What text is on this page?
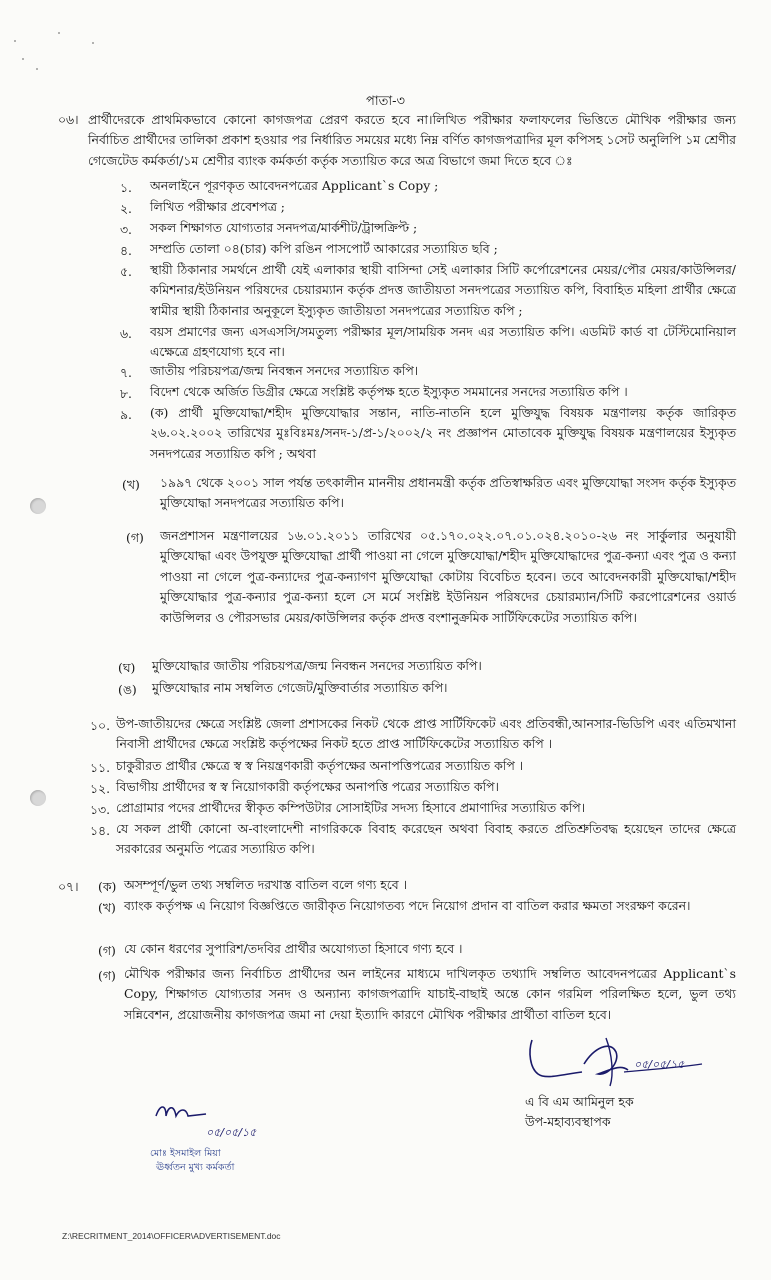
পাতা-৩
০৬। প্রার্থীদেরকে প্রাথমিকভাবে কোনো কাগজপত্র প্রেরণ করতে হবে না।লিখিত পরীক্ষার ফলাফলের ভিত্তিতে মৌখিক পরীক্ষার জন্য নির্বাচিত প্রার্থীদের তালিকা প্রকাশ হওয়ার পর নির্ধারিত সময়ের মধ্যে নিম্ন বর্ণিত কাগজপত্রাদির মূল কপিসহ ১সেট অনুলিপি ১ম শ্রেণীর গেজেটেড কর্মকর্তা/১ম শ্রেণীর ব্যাংক কর্মকর্তা কর্তৃক সত্যায়িত করে অত্র বিভাগে জমা দিতে হবে ঃ
১. অনলাইনে পূরণকৃত আবেদনপত্রের Applicant`s Copy ;
২. লিখিত পরীক্ষার প্রবেশপত্র ;
৩. সকল শিক্ষাগত যোগ্যতার সনদপত্র/মার্কশীট/ট্রান্সক্রিপ্ট ;
৪. সম্প্রতি তোলা ০৪(চার) কপি রঙিন পাসপোর্ট আকারের সত্যায়িত ছবি ;
৫. স্থায়ী ঠিকানার সমর্থনে প্রার্থী যেই এলাকার স্থায়ী বাসিন্দা সেই এলাকার সিটি কর্পোরেশনের মেয়র/পৌর মেয়র/কাউন্সিলর/কমিশনার/ইউনিয়ন পরিষদের চেয়ারম্যান কর্তৃক প্রদত্ত জাতীয়তা সনদপত্রের সত্যায়িত কপি, বিবাহিত মহিলা প্রার্থীর ক্ষেত্রে স্বামীর স্থায়ী ঠিকানার অনুকূলে ইস্যুকৃত জাতীয়তা সনদপত্রের সত্যায়িত কপি ;
৬. বয়স প্রমাণের জন্য এসএসসি/সমতুল্য পরীক্ষার মূল/সাময়িক সনদ এর সত্যায়িত কপি। এডমিট কার্ড বা টেস্টিমোনিয়াল এক্ষেত্রে গ্রহণযোগ্য হবে না।
৭. জাতীয় পরিচয়পত্র/জন্ম নিবন্ধন সনদের সত্যায়িত কপি।
৮. বিদেশ থেকে অর্জিত ডিগ্রীর ক্ষেত্রে সংশ্লিষ্ট কর্তৃপক্ষ হতে ইস্যুকৃত সমমানের সনদের সত্যায়িত কপি ।
৯. (ক) প্রার্থী মুক্তিযোদ্ধা/শহীদ মুক্তিযোদ্ধার সন্তান, নাতি-নাতনি হলে মুক্তিযুদ্ধ বিষয়ক মন্ত্রণালয় কর্তৃক জারিকৃত ২৬.০২.২০০২ তারিখের মুঃবিঃমঃ/সনদ-১/প্র-১/২০০২/২ নং প্রজ্ঞাপন মোতাবেক মুক্তিযুদ্ধ বিষয়ক মন্ত্রণালয়ের ইস্যুকৃত সনদপত্রের সত্যায়িত কপি ; অথবা
(খ) ১৯৯৭ থেকে ২০০১ সাল পর্যন্ত তৎকালীন মাননীয় প্রধানমন্ত্রী কর্তৃক প্রতিস্বাক্ষরিত এবং মুক্তিযোদ্ধা সংসদ কর্তৃক ইস্যুকৃত মুক্তিযোদ্ধা সনদপত্রের সত্যায়িত কপি।
(গ) জনপ্রশাসন মন্ত্রণালয়ের ১৬.০১.২০১১ তারিখের ০৫.১৭০.০২২.০৭.০১.০২৪.২০১০-২৬ নং সার্কুলার অনুযায়ী মুক্তিযোদ্ধা এবং উপযুক্ত মুক্তিযোদ্ধা প্রার্থী পাওয়া না গেলে মুক্তিযোদ্ধা/শহীদ মুক্তিযোদ্ধাদের পুত্র-কন্যা এবং পুত্র ও কন্যা পাওয়া না গেলে পুত্র-কন্যাদের পুত্র-কন্যাগণ মুক্তিযোদ্ধা কোটায় বিবেচিত হবেন। তবে আবেদনকারী মুক্তিযোদ্ধা/শহীদ মুক্তিযোদ্ধার পুত্র-কন্যার পুত্র-কন্যা হলে সে মর্মে সংশ্লিষ্ট ইউনিয়ন পরিষদের চেয়ারম্যান/সিটি করপোরেশনের ওয়ার্ড কাউন্সিলর ও পৌরসভার মেয়র/কাউন্সিলর কর্তৃক প্রদত্ত বংশানুক্রমিক সার্টিফিকেটের সত্যায়িত কপি।
(ঘ) মুক্তিযোদ্ধার জাতীয় পরিচয়পত্র/জন্ম নিবন্ধন সনদের সত্যায়িত কপি।
(ঙ) মুক্তিযোদ্ধার নাম সম্বলিত গেজেট/মুক্তিবার্তার সত্যায়িত কপি।
১০. উপ-জাতীয়দের ক্ষেত্রে সংশ্লিষ্ট জেলা প্রশাসকের নিকট থেকে প্রাপ্ত সার্টিফিকেট এবং প্রতিবন্ধী,আনসার-ভিডিপি এবং এতিমখানা নিবাসী প্রার্থীদের ক্ষেত্রে সংশ্লিষ্ট কর্তৃপক্ষের নিকট হতে প্রাপ্ত সার্টিফিকেটের সত্যায়িত কপি ।
১১. চাকুরীরত প্রার্থীর ক্ষেত্রে স্ব স্ব নিয়ন্ত্রণকারী কর্তৃপক্ষের অনাপত্তিপত্রের সত্যায়িত কপি ।
১২. বিভাগীয় প্রার্থীদের স্ব স্ব নিয়োগকারী কর্তৃপক্ষের অনাপত্তি পত্রের সত্যায়িত কপি।
১৩. প্রোগ্রামার পদের প্রার্থীদের স্বীকৃত কম্পিউটার সোসাইটির সদস্য হিসাবে প্রমাণাদির সত্যায়িত কপি।
১৪. যে সকল প্রার্থী কোনো অ-বাংলাদেশী নাগরিককে বিবাহ করেছেন অথবা বিবাহ করতে প্রতিশ্রুতিবদ্ধ হয়েছেন তাদের ক্ষেত্রে সরকারের অনুমতি পত্রের সত্যায়িত কপি।
০৭। (ক) অসম্পূর্ণ/ভুল তথ্য সম্বলিত দরখাস্ত বাতিল বলে গণ্য হবে ।
(খ) ব্যাংক কর্তৃপক্ষ এ নিয়োগ বিজ্ঞপ্তিতে জারীকৃত নিয়োগতব্য পদে নিয়োগ প্রদান বা বাতিল করার ক্ষমতা সংরক্ষণ করেন।
(গ) যে কোন ধরণের সুপারিশ/তদবির প্রার্থীর অযোগ্যতা হিসাবে গণ্য হবে ।
(গ) মৌখিক পরীক্ষার জন্য নির্বাচিত প্রার্থীদের অন লাইনের মাধ্যমে দাখিলকৃত তথ্যাদি সম্বলিত আবেদনপত্রের Applicant`s Copy, শিক্ষাগত যোগ্যতার সনদ ও অন্যান্য কাগজপত্রাদি যাচাই-বাছাই অন্তে কোন গরমিল পরিলক্ষিত হলে, ভুল তথ্য সন্নিবেশন, প্রয়োজনীয় কাগজপত্র জমা না দেয়া ইত্যাদি কারণে মৌখিক পরীক্ষার প্রার্থীতা বাতিল হবে।
০৫/০৫/১৫
এ বি এম আমিনুল হক
উপ-মহাব্যবস্থাপক
০৫/০৫/১৫
মোঃ ইসমাইল মিয়া
ঊর্ধ্বতন মুখ্য কর্মকর্তা
Z:\RECRITMENT_2014\OFFICER\ADVERTISEMENT.doc
